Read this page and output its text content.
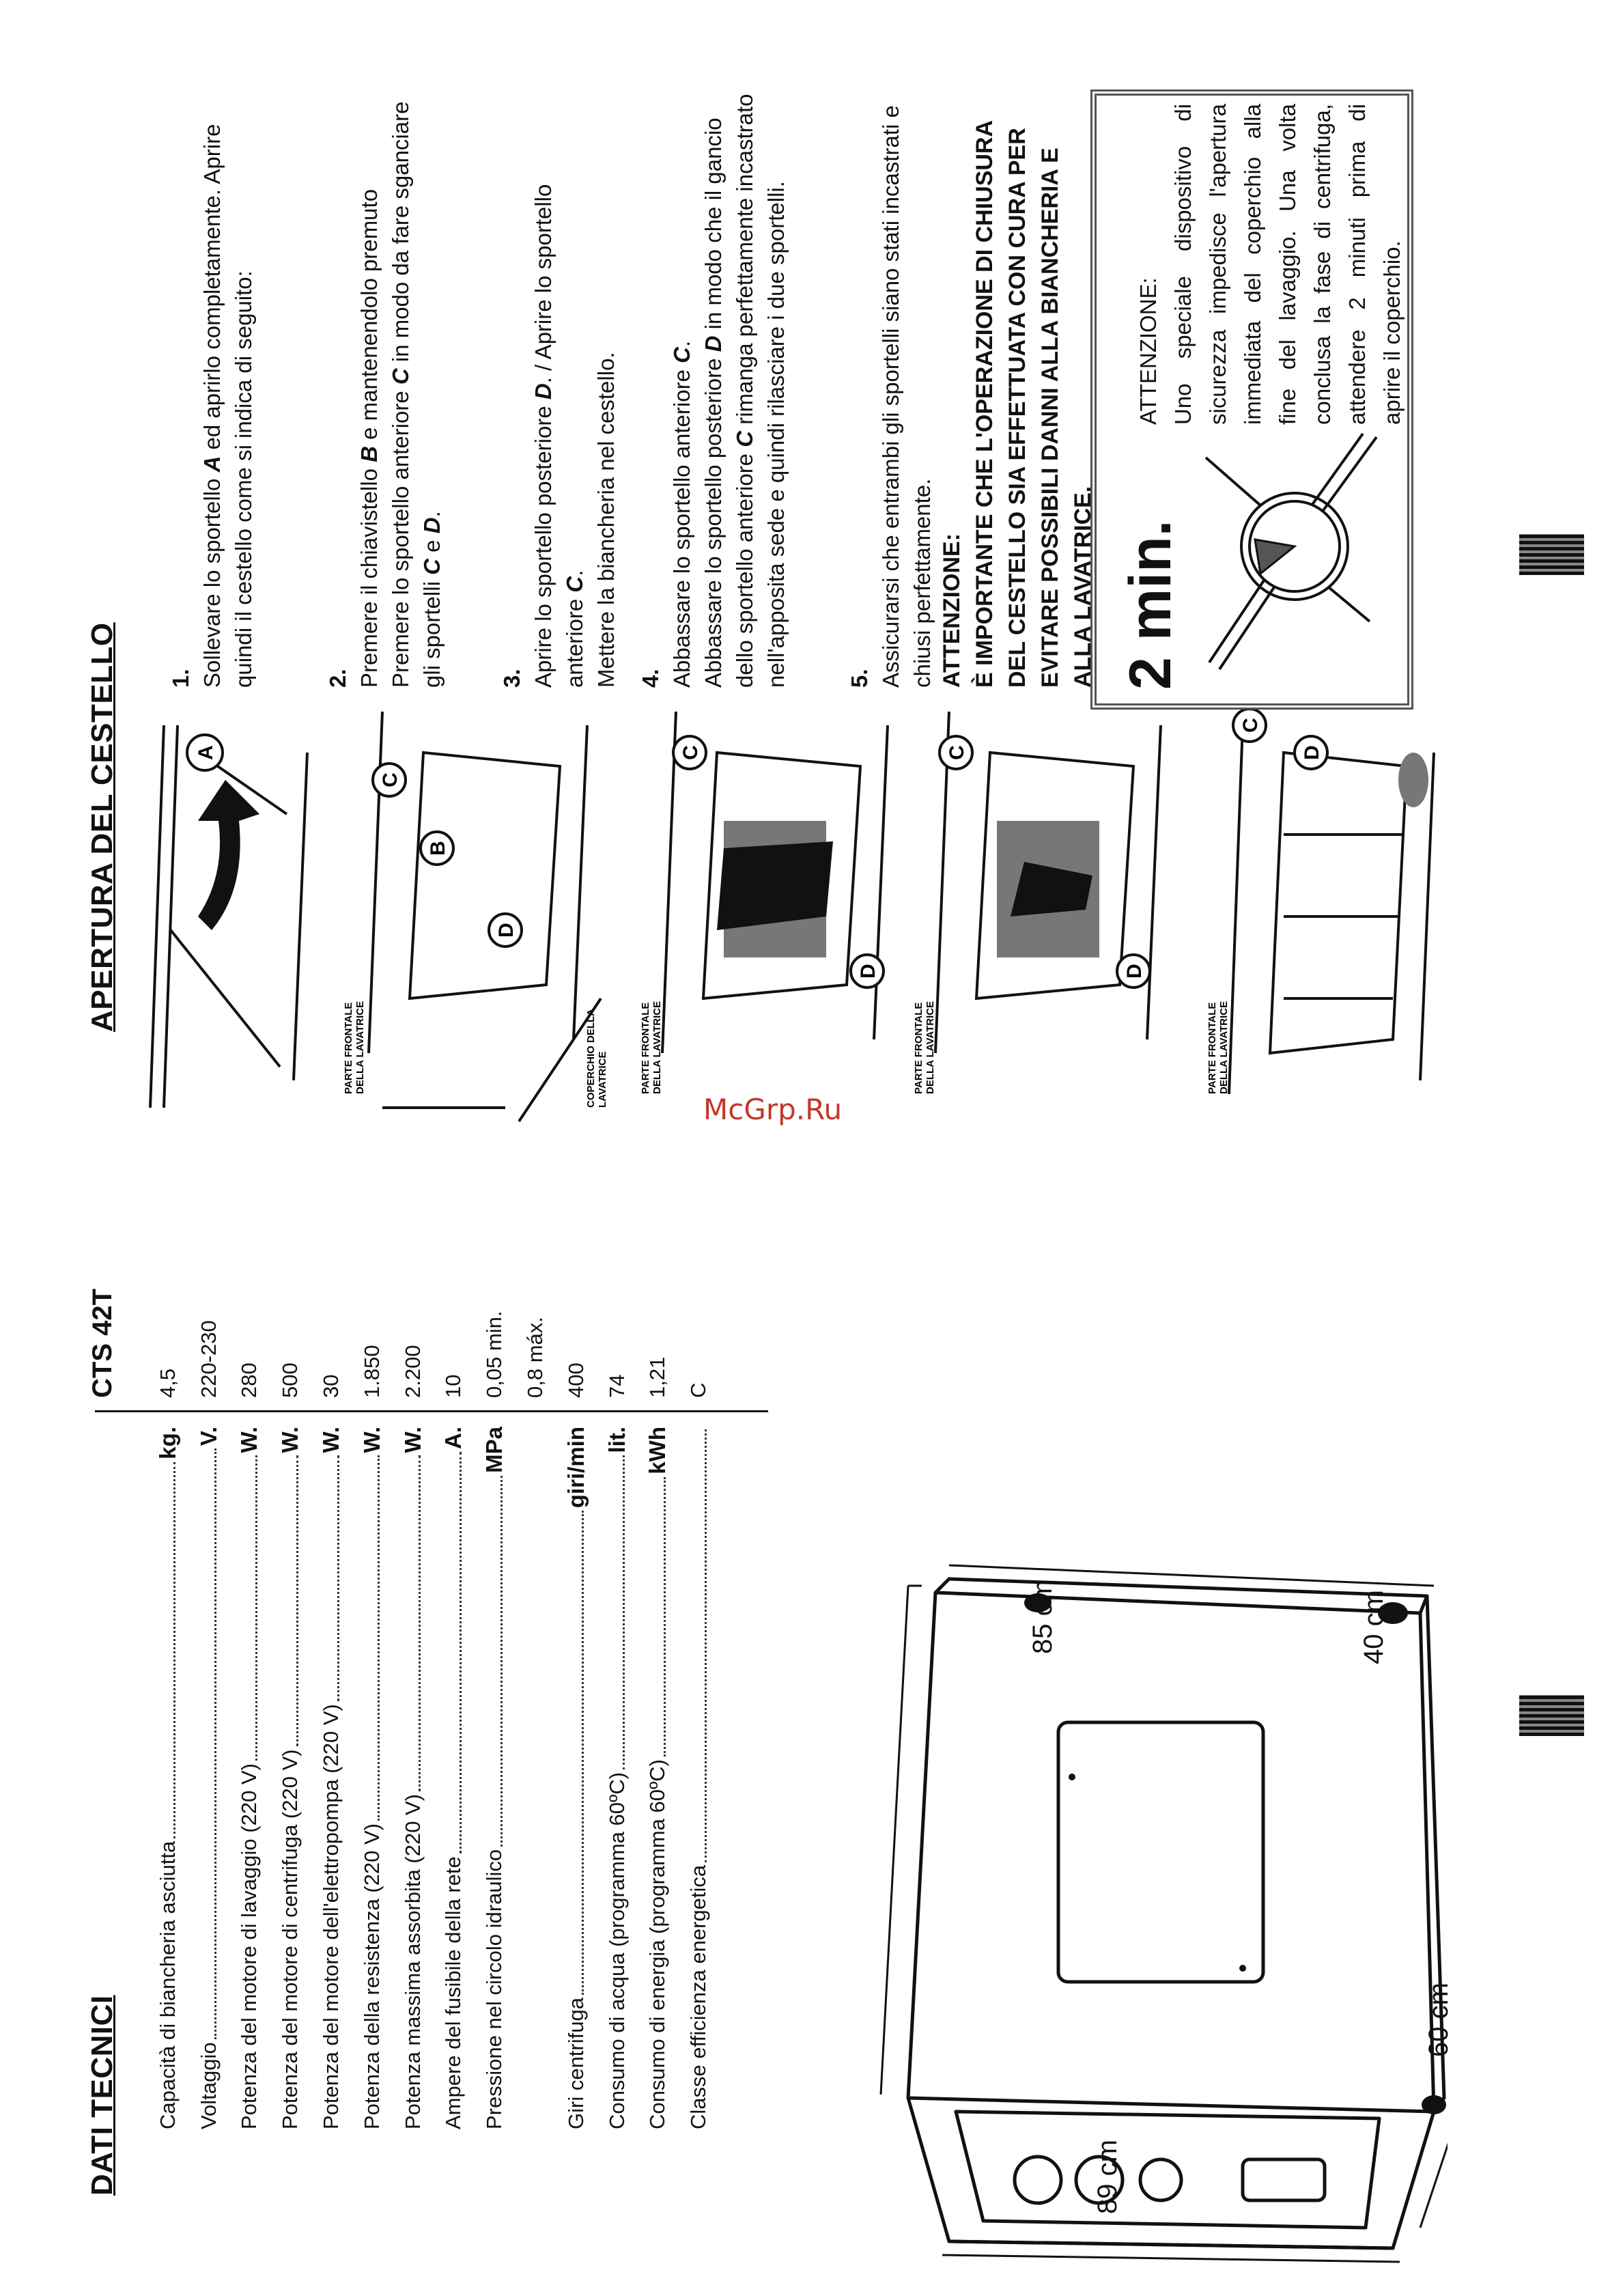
DATI TECNICI
CTS 42T
Capacità di biancheria asciutta
kg.
4,5
Voltaggio
V.
220-230
Potenza del motore di lavaggio (220 V)
W.
280
Potenza del motore di centrifuga (220 V)
W.
500
Potenza del motore dell'elettropompa (220 V)
W.
30
Potenza della resistenza (220 V)
W.
1.850
Potenza massima assorbita (220 V)
W.
2.200
Ampere del fusibile della rete
A.
10
Pressione nel circolo idraulico
MPa
0,05 min. 0,8 máx.
Giri centrifuga
giri/min
400
Consumo di acqua (programma 60ºC)
lit.
74
Consumo di energia (programma 60ºC)
kWh
1,21
Classe efficienza energetica
C
85 cm	40 cm
60 cm
89 cm
APERTURA DEL CESTELLO	A
C
B
D
C
D
C
D
C
D
PARTE FRONTALE DELLA LAVATRICE	COPERCHIO DELLA LAVATRICE	PARTE FRONTALE DELLA LAVATRICE	PARTE FRONTALE DELLA LAVATRICE	PARTE FRONTALE DELLA LAVATRICE
1. Sollevare lo sportello A ed aprirlo completamente. Aprire quindi il cestello come si indica di seguito:	2. Premere il chiavistello B e mantenendolo premuto
Premere lo sportello anteriore C in modo da fare sganciare
gli sportelli C e D.
3. Aprire lo sportello posteriore D. / Aprire lo sportello
anteriore C. Mettere la biancheria nel cestello. 4. Abbassare lo sportello anteriore C.
Abbassare lo sportello posteriore D in modo che il gancio
dello sportello anteriore C rimanga perfettamente incastrato nell'apposita sede e quindi rilasciare i due sportelli.	5. Assicurarsi che entrambi gli sportelli siano stati incastrati e chiusi perfettamente. ATTENZIONE: È IMPORTANTE CHE L'OPERAZIONE DI CHIUSURA DEL CESTELLO SIA EFFETTUATA CON CURA PER EVITARE POSSIBILI DANNI ALLA BIANCHERIA E ALLA LAVATRICE. 2 min.
ATTENZIONE: Uno speciale dispositivo di sicurezza impedisce l'apertura immediata del coperchio alla fine del lavaggio. Una volta conclusa la fase di centrifuga, attendere 2 minuti prima di aprire il coperchio.
McGrp.Ru
